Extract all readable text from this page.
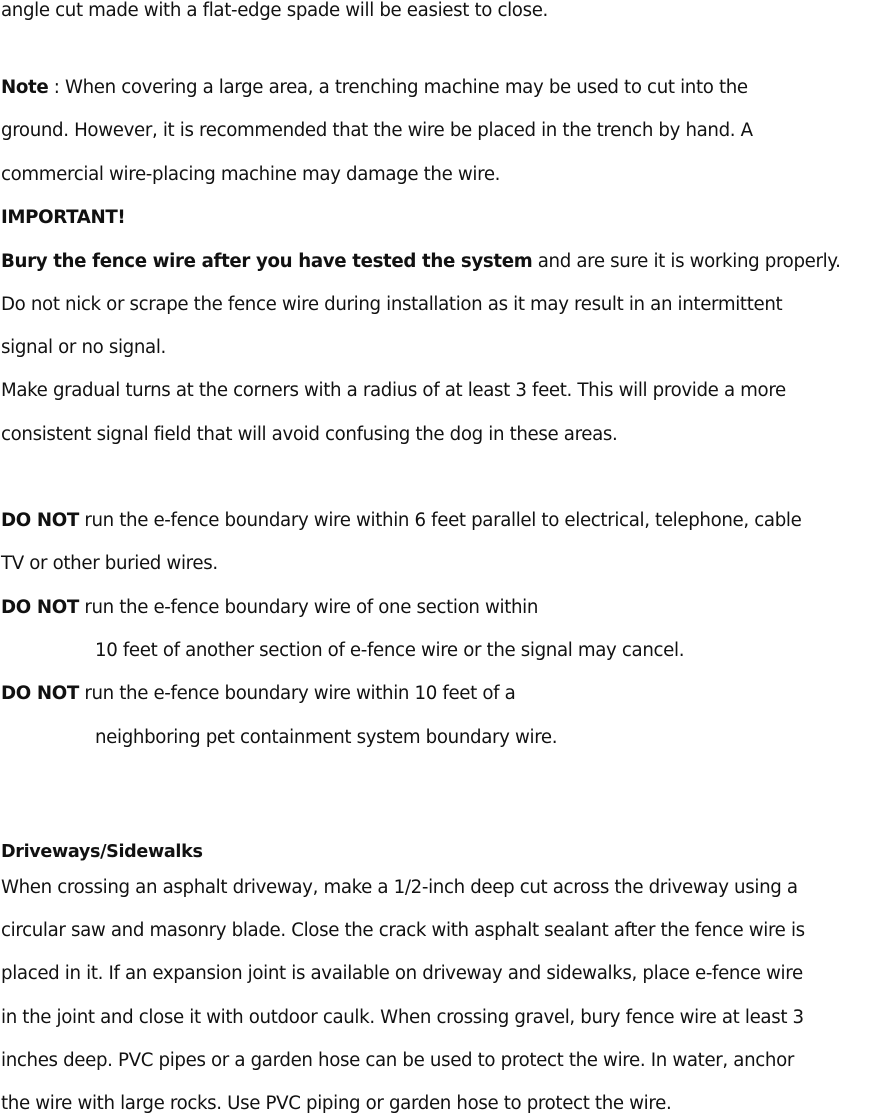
angle cut made with a flat-edge spade will be easiest to close.
Note : When covering a large area, a trenching machine may be used to cut into the
ground. However, it is recommended that the wire be placed in the trench by hand. A
commercial wire-placing machine may damage the wire.
IMPORTANT!
Bury the fence wire after you have tested the system and are sure it is working properly.
Do not nick or scrape the fence wire during installation as it may result in an intermittent
signal or no signal.
Make gradual turns at the corners with a radius of at least 3 feet. This will provide a more
consistent signal field that will avoid confusing the dog in these areas.
DO NOT run the e-fence boundary wire within 6 feet parallel to electrical, telephone, cable
TV or other buried wires.
DO NOT run the e-fence boundary wire of one section within
10 feet of another section of e-fence wire or the signal may cancel.
DO NOT run the e-fence boundary wire within 10 feet of a
neighboring pet containment system boundary wire.
Driveways/Sidewalks
When crossing an asphalt driveway, make a 1/2-inch deep cut across the driveway using a
circular saw and masonry blade. Close the crack with asphalt sealant after the fence wire is
placed in it. If an expansion joint is available on driveway and sidewalks, place e-fence wire
in the joint and close it with outdoor caulk. When crossing gravel, bury fence wire at least 3
inches deep. PVC pipes or a garden hose can be used to protect the wire. In water, anchor
the wire with large rocks. Use PVC piping or garden hose to protect the wire.
